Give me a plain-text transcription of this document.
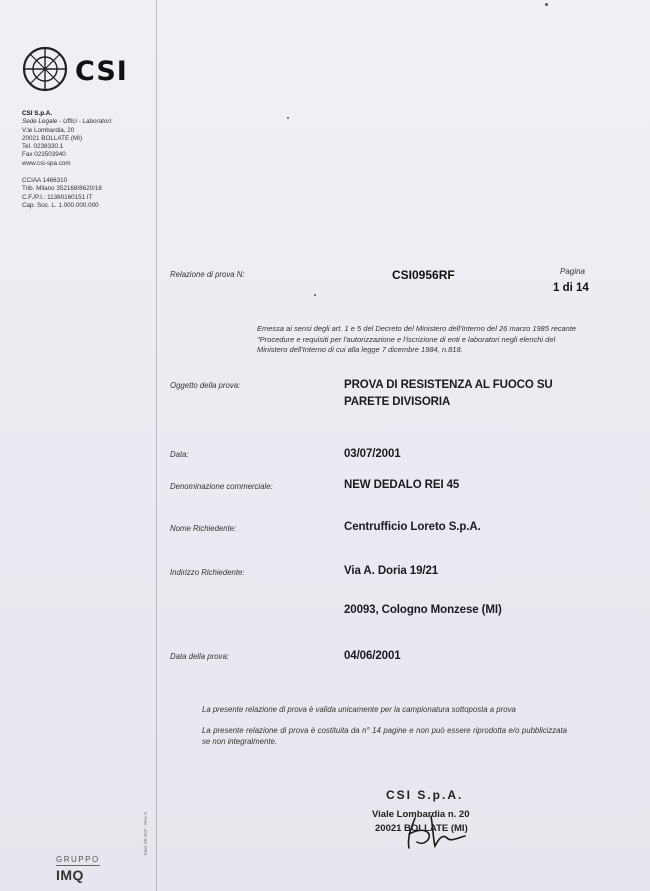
CSI
CSI S.p.A.
Sede Legale - Uffici - Laboratori:
V.le Lombardia, 20
20021 BOLLATE (MI)
Tel. 0238330.1
Fax 023503940
www.csi-spa.com
CCIAA 1466310
Trib. Milano 352168/8620/18
C.F./P.I.: 11360160151 IT
Cap. Soc. L. 1.000.000.000
Relazione di prova N:	CSI0956RF	Pagina
1 di 14
Emessa ai sensi degli art. 1 e 5 del Decreto del Ministero dell'Interno del 26 marzo 1985 recante "Procedure e requisiti per l'autorizzazione e l'iscrizione di enti e laboratori negli elenchi del Ministero dell'Interno di cui alla legge 7 dicembre 1984, n.818.
Oggetto della prova:	PROVA DI RESISTENZA AL FUOCO SU
PARETE DIVISORIA
Data:	03/07/2001
Denominazione commerciale:	NEW DEDALO REI 45
Nome Richiedente:	Centrufficio Loreto S.p.A.
Indirizzo Richiedente:	Via A. Doria 19/21
20093, Cologno Monzese (MI)
Data della prova:	04/06/2001
La presente relazione di prova è valida unicamente per la campionatura sottoposta a prova
La presente relazione di prova è costituita da n° 14 pagine e non può essere riprodotta e/o pubblicizzata se non integralmente.
CSI S.p.A.
Viale Lombardia n. 20
20021 BOLLATE (MI)
GRUPPO
IMQ
Mod. 80 4/07 - Rev. 0
